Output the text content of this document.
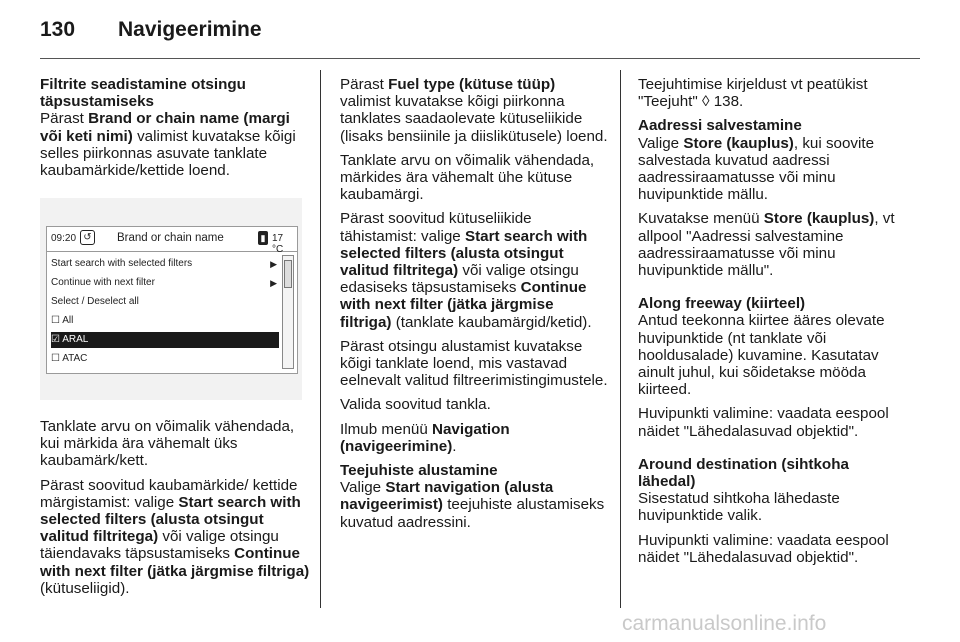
130 Navigeerimine

Filtrite seadistamine otsingu täpsustamiseks
Pärast Brand or chain name (margi või keti nimi) valimist kuvatakse kõigi selles piirkonnas asuvate tanklate kaubamärkide/kettide loend.

09:20 ↺ Brand or chain name	▮ 17 °C
Start search with selected filters	▶
Continue with next filter	▶
Select / Deselect all
☐ All
☑ ARAL
☐ ATAC

Tanklate arvu on võimalik vähendada, kui märkida ära vähemalt üks kaubamärk/kett.

Pärast soovitud kaubamärkide/ kettide märgistamist: valige Start search with selected filters (alusta otsingut valitud filtritega) või valige otsingu täiendavaks täpsustamiseks Continue with next filter (jätka järgmise filtriga) (kütuseliigid).

Pärast Fuel type (kütuse tüüp) valimist kuvatakse kõigi piirkonna tanklates saadaolevate kütuseliikide (lisaks bensiinile ja diislikütusele) loend.

Tanklate arvu on võimalik vähendada, märkides ära vähemalt ühe kütuse kaubamärgi.

Pärast soovitud kütuseliikide tähistamist: valige Start search with selected filters (alusta otsingut valitud filtritega) või valige otsingu edasiseks täpsustamiseks Continue with next filter (jätka järgmise filtriga) (tanklate kaubamärgid/ketid).

Pärast otsingu alustamist kuvatakse kõigi tanklate loend, mis vastavad eelnevalt valitud filtreerimistingimustele.

Valida soovitud tankla.

Ilmub menüü Navigation (navigeerimine).

Teejuhiste alustamine
Valige Start navigation (alusta navigeerimist) teejuhiste alustamiseks kuvatud aadressini.

Teejuhtimise kirjeldust vt peatükist "Teejuht" ◊ 138.

Aadressi salvestamine
Valige Store (kauplus), kui soovite salvestada kuvatud aadressi aadressiraamatusse või minu huvipunktide mällu.

Kuvatakse menüü Store (kauplus), vt allpool "Aadressi salvestamine aadressiraamatusse või minu huvipunktide mällu".

Along freeway (kiirteel)
Antud teekonna kiirtee ääres olevate huvipunktide (nt tanklate või hooldusalade) kuvamine. Kasutatav ainult juhul, kui sõidetakse mööda kiirteed.

Huvipunkti valimine: vaadata eespool näidet "Lähedalasuvad objektid".

Around destination (sihtkoha lähedal)
Sisestatud sihtkoha lähedaste huvipunktide valik.

Huvipunkti valimine: vaadata eespool näidet "Lähedalasuvad objektid".

carmanualsonline.info
